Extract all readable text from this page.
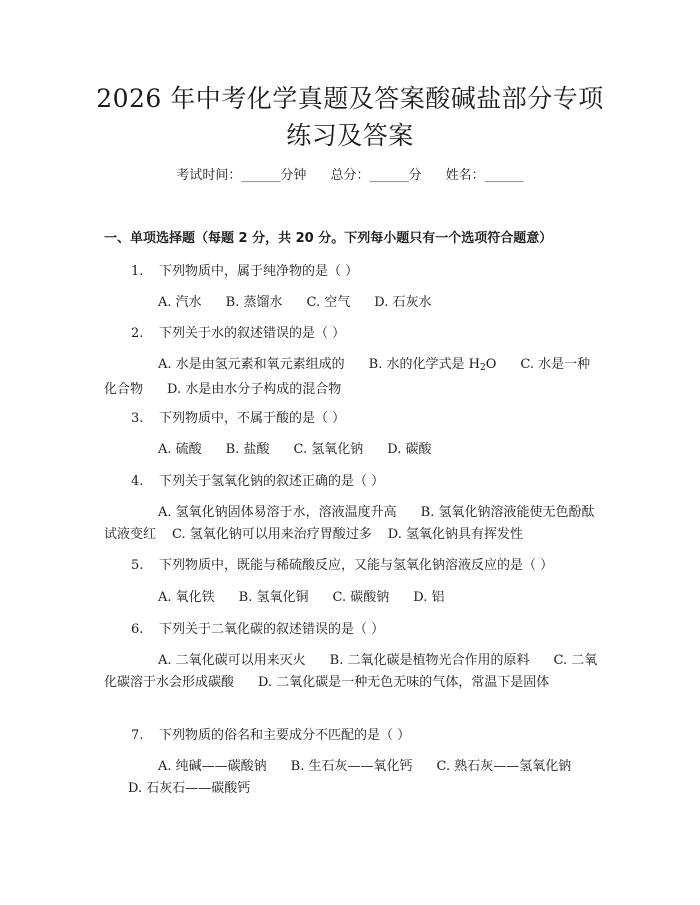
2026 年中考化学真题及答案酸碱盐部分专项
练习及答案
考试时间：______分钟 总分：______分 姓名：______
一、单项选择题（每题 2 分，共 20 分。下列每小题只有一个选项符合题意）
1. 下列物质中，属于纯净物的是（ ）
A. 汽水 B. 蒸馏水 C. 空气 D. 石灰水
2. 下列关于水的叙述错误的是（ ）
A. 水是由氢元素和氧元素组成的 B. 水的化学式是 $H_2O$ C. 水是一种化合物 D. 水是由水分子构成的混合物
3. 下列物质中，不属于酸的是（ ）
A. 硫酸 B. 盐酸 C. 氢氧化钠 D. 碳酸
4. 下列关于氢氧化钠的叙述正确的是（ ）
A. 氢氧化钠固体易溶于水，溶液温度升高 B. 氢氧化钠溶液能使无色酚酞试液变红 C. 氢氧化钠可以用来治疗胃酸过多 D. 氢氧化钠具有挥发性
5. 下列物质中，既能与稀硫酸反应，又能与氢氧化钠溶液反应的是（ ）
A. 氧化铁 B. 氢氧化铜 C. 碳酸钠 D. 铝
6. 下列关于二氧化碳的叙述错误的是（ ）
A. 二氧化碳可以用来灭火 B. 二氧化碳是植物光合作用的原料 C. 二氧化碳溶于水会形成碳酸 D. 二氧化碳是一种无色无味的气体，常温下是固体
7. 下列物质的俗名和主要成分不匹配的是（ ）
A. 纯碱——碳酸钠 B. 生石灰——氧化钙 C. 熟石灰——氢氧化钠D. 石灰石——碳酸钙
